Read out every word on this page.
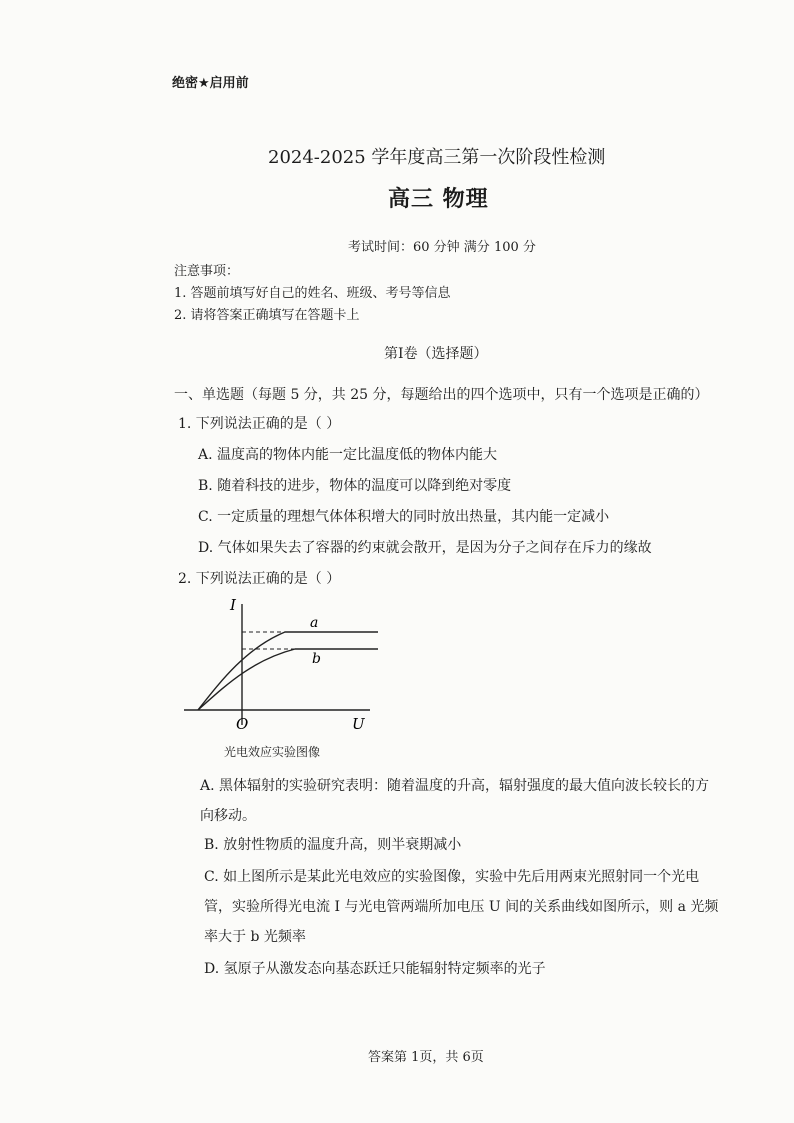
绝密★启用前
2024-2025 学年度高三第一次阶段性检测
高三 物理
考试时间：60 分钟 满分 100 分
注意事项：
1. 答题前填写好自己的姓名、班级、考号等信息
2. 请将答案正确填写在答题卡上
第Ⅰ卷（选择题）
一、单选题（每题 5 分，共 25 分，每题给出的四个选项中，只有一个选项是正确的）
1. 下列说法正确的是（ ）
A. 温度高的物体内能一定比温度低的物体内能大
B. 随着科技的进步，物体的温度可以降到绝对零度
C. 一定质量的理想气体体积增大的同时放出热量，其内能一定减小
D. 气体如果失去了容器的约束就会散开，是因为分子之间存在斥力的缘故
2. 下列说法正确的是（ ）
I
U
O
a
b
光电效应实验图像
A. 黑体辐射的实验研究表明：随着温度的升高，辐射强度的最大值向波长较长的方向移动。
B. 放射性物质的温度升高，则半衰期减小
C. 如上图所示是某此光电效应的实验图像，实验中先后用两束光照射同一个光电管，实验所得光电流 I 与光电管两端所加电压 U 间的关系曲线如图所示，则 a 光频率大于 b 光频率
D. 氢原子从激发态向基态跃迁只能辐射特定频率的光子
答案第 1页，共 6页
